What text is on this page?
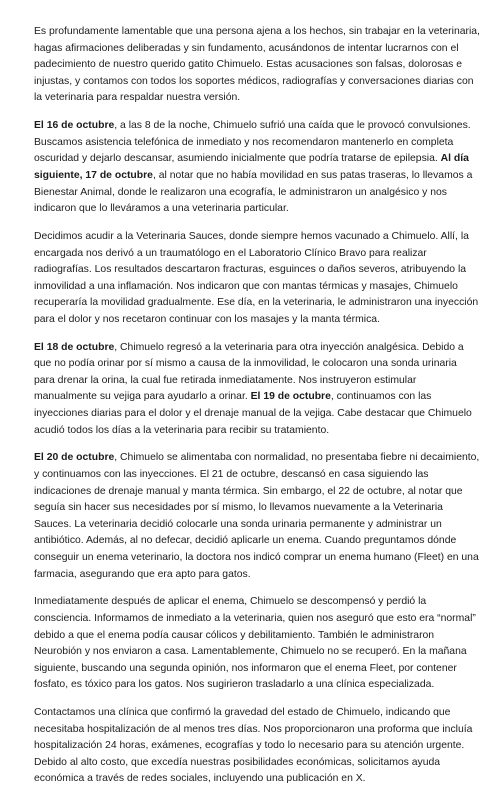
Es profundamente lamentable que una persona ajena a los hechos, sin trabajar en la veterinaria, hagas afirmaciones deliberadas y sin fundamento, acusándonos de intentar lucrarnos con el padecimiento de nuestro querido gatito Chimuelo. Estas acusaciones son falsas, dolorosas e injustas, y contamos con todos los soportes médicos, radiografías y conversaciones diarias con la veterinaria para respaldar nuestra versión.

El 16 de octubre, a las 8 de la noche, Chimuelo sufrió una caída que le provocó convulsiones. Buscamos asistencia telefónica de inmediato y nos recomendaron mantenerlo en completa oscuridad y dejarlo descansar, asumiendo inicialmente que podría tratarse de epilepsia. Al día siguiente, 17 de octubre, al notar que no había movilidad en sus patas traseras, lo llevamos a Bienestar Animal, donde le realizaron una ecografía, le administraron un analgésico y nos indicaron que lo lleváramos a una veterinaria particular.

Decidimos acudir a la Veterinaria Sauces, donde siempre hemos vacunado a Chimuelo. Allí, la encargada nos derivó a un traumatólogo en el Laboratorio Clínico Bravo para realizar radiografías. Los resultados descartaron fracturas, esguinces o daños severos, atribuyendo la inmovilidad a una inflamación. Nos indicaron que con mantas térmicas y masajes, Chimuelo recuperaría la movilidad gradualmente. Ese día, en la veterinaria, le administraron una inyección para el dolor y nos recetaron continuar con los masajes y la manta térmica.

El 18 de octubre, Chimuelo regresó a la veterinaria para otra inyección analgésica. Debido a que no podía orinar por sí mismo a causa de la inmovilidad, le colocaron una sonda urinaria para drenar la orina, la cual fue retirada inmediatamente. Nos instruyeron estimular manualmente su vejiga para ayudarlo a orinar. El 19 de octubre, continuamos con las inyecciones diarias para el dolor y el drenaje manual de la vejiga. Cabe destacar que Chimuelo acudió todos los días a la veterinaria para recibir su tratamiento.

El 20 de octubre, Chimuelo se alimentaba con normalidad, no presentaba fiebre ni decaimiento, y continuamos con las inyecciones. El 21 de octubre, descansó en casa siguiendo las indicaciones de drenaje manual y manta térmica. Sin embargo, el 22 de octubre, al notar que seguía sin hacer sus necesidades por sí mismo, lo llevamos nuevamente a la Veterinaria Sauces. La veterinaria decidió colocarle una sonda urinaria permanente y administrar un antibiótico. Además, al no defecar, decidió aplicarle un enema. Cuando preguntamos dónde conseguir un enema veterinario, la doctora nos indicó comprar un enema humano (Fleet) en una farmacia, asegurando que era apto para gatos.

Inmediatamente después de aplicar el enema, Chimuelo se descompensó y perdió la consciencia. Informamos de inmediato a la veterinaria, quien nos aseguró que esto era “normal” debido a que el enema podía causar cólicos y debilitamiento. También le administraron Neurobión y nos enviaron a casa. Lamentablemente, Chimuelo no se recuperó. En la mañana siguiente, buscando una segunda opinión, nos informaron que el enema Fleet, por contener fosfato, es tóxico para los gatos. Nos sugirieron trasladarlo a una clínica especializada.

Contactamos una clínica que confirmó la gravedad del estado de Chimuelo, indicando que necesitaba hospitalización de al menos tres días. Nos proporcionaron una proforma que incluía hospitalización 24 horas, exámenes, ecografías y todo lo necesario para su atención urgente. Debido al alto costo, que excedía nuestras posibilidades económicas, solicitamos ayuda económica a través de redes sociales, incluyendo una publicación en X.
